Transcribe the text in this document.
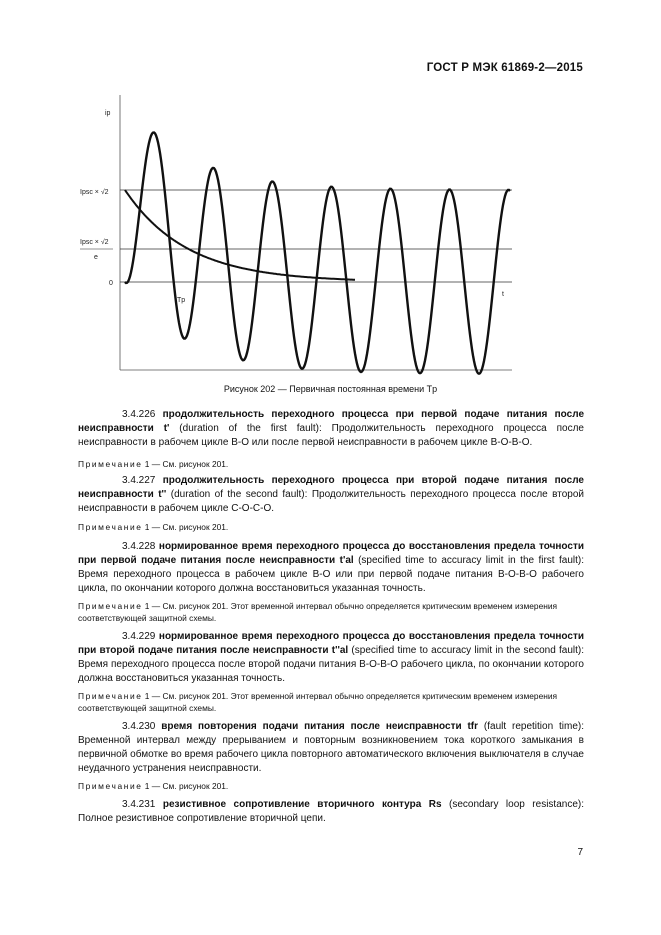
ГОСТ Р МЭК 61869-2—2015
ip
Ipsc × √2
Ipsc × √2
e
0
t
Tp
Рисунок 202 — Первичная постоянная времени Tp
3.4.226 продолжительность переходного процесса при первой подаче питания после неисправности t' (duration of the first fault): Продолжительность переходного процесса после неисправности в рабочем цикле В-О или после первой неисправности в рабочем цикле В-О-В-О.
Примечание 1 — См. рисунок 201.
3.4.227 продолжительность переходного процесса при второй подаче питания после неисправности t'' (duration of the second fault): Продолжительность переходного процесса после второй неисправности в рабочем цикле С-О-С-О.
Примечание 1 — См. рисунок 201.
3.4.228 нормированное время переходного процесса до восстановления предела точности при первой подаче питания после неисправности t'al (specified time to accuracy limit in the first fault): Время переходного процесса в рабочем цикле В-О или при первой подаче питания В-О-В-О рабочего цикла, по окончании которого должна восстановиться указанная точность.
Примечание 1 — См. рисунок 201. Этот временной интервал обычно определяется критическим временем измерения соответствующей защитной схемы.
3.4.229 нормированное время переходного процесса до восстановления предела точности при второй подаче питания после неисправности t''al (specified time to accuracy limit in the second fault): Время переходного процесса после второй подачи питания В-О-В-О рабочего цикла, по окончании которого должна восстановиться указанная точность.
Примечание 1 — См. рисунок 201. Этот временной интервал обычно определяется критическим временем измерения соответствующей защитной схемы.
3.4.230 время повторения подачи питания после неисправности tfr (fault repetition time): Временной интервал между прерыванием и повторным возникновением тока короткого замыкания в первичной обмотке во время рабочего цикла повторного автоматического включения выключателя в случае неудачного устранения неисправности.
Примечание 1 — См. рисунок 201.
3.4.231 резистивное сопротивление вторичного контура Rs (secondary loop resistance): Полное резистивное сопротивление вторичной цепи.
7
